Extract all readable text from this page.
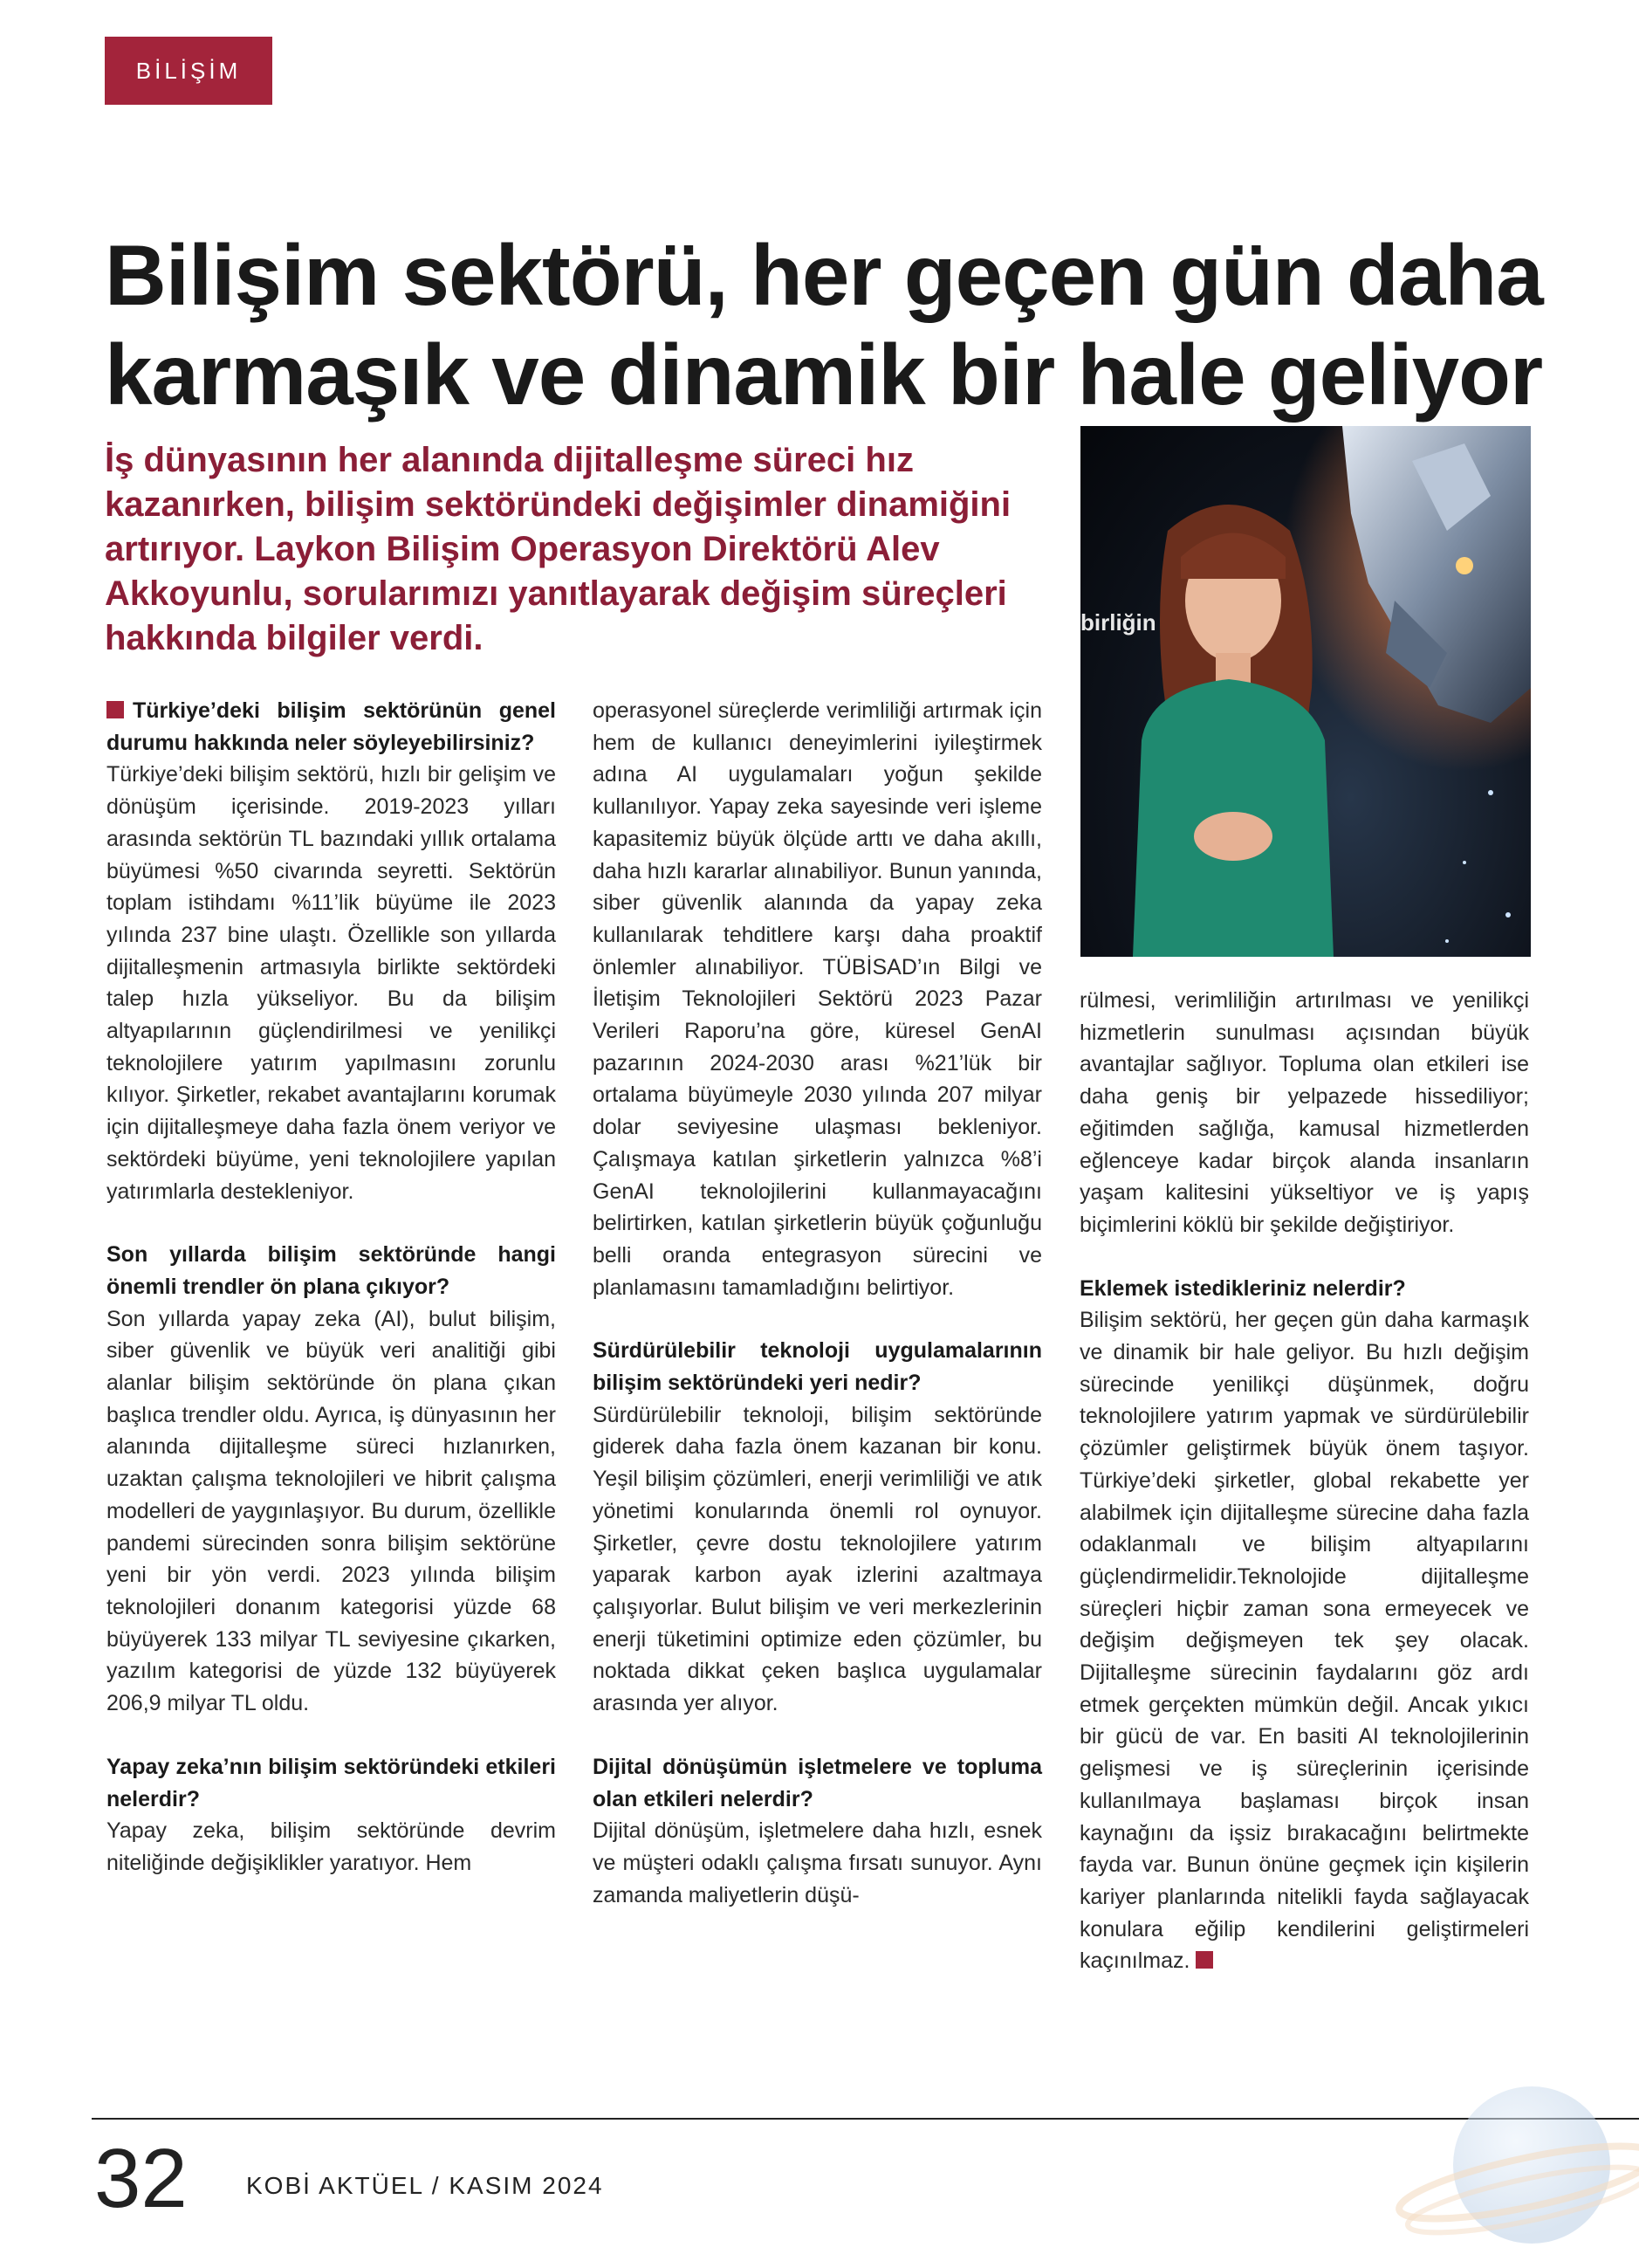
BİLİŞİM
Bilişim sektörü, her geçen gün daha karmaşık ve dinamik bir hale geliyor

İş dünyasının her alanında dijitalleşme süreci hız kazanırken, bilişim sektöründeki değişimler dinamiğini artırıyor. Laykon Bilişim Operasyon Direktörü Alev Akkoyunlu, sorularımızı yanıtlayarak değişim süreçleri hakkında bilgiler verdi.	birliğin

Türkiye’deki bilişim sektörünün genel durumu hakkında neler söyleyebilirsiniz?

Türkiye’deki bilişim sektörü, hızlı bir gelişim ve dönüşüm içerisinde. 2019-2023 yılları arasında sektörün TL bazındaki yıllık ortalama büyümesi %50 civarında seyretti. Sektörün toplam istihdamı %11’lik büyüme ile 2023 yılında 237 bine ulaştı. Özellikle son yıllarda dijitalleşmenin artmasıyla birlikte sektördeki talep hızla yükseliyor. Bu da bilişim altyapılarının güçlendirilmesi ve yenilikçi teknolojilere yatırım yapılmasını zorunlu kılıyor. Şirketler, rekabet avantajlarını korumak için dijitalleşmeye daha fazla önem veriyor ve sektördeki büyüme, yeni teknolojilere yapılan yatırımlarla destekleniyor.

Son yıllarda bilişim sektöründe hangi önemli trendler ön plana çıkıyor?

Son yıllarda yapay zeka (AI), bulut bilişim, siber güvenlik ve büyük veri analitiği gibi alanlar bilişim sektöründe ön plana çıkan başlıca trendler oldu. Ayrıca, iş dünyasının her alanında dijitalleşme süreci hızlanırken, uzaktan çalışma teknolojileri ve hibrit çalışma modelleri de yaygınlaşıyor. Bu durum, özellikle pandemi sürecinden sonra bilişim sektörüne yeni bir yön verdi. 2023 yılında bilişim teknolojileri donanım kategorisi yüzde 68 büyüyerek 133 milyar TL seviyesine çıkarken, yazılım kategorisi de yüzde 132 büyüyerek 206,9 milyar TL oldu.

Yapay zeka’nın bilişim sektöründeki etkileri nelerdir?

Yapay zeka, bilişim sektöründe devrim niteliğinde değişiklikler yaratıyor. Hem

operasyonel süreçlerde verimliliği artırmak için hem de kullanıcı deneyimlerini iyileştirmek adına AI uygulamaları yoğun şekilde kullanılıyor. Yapay zeka sayesinde veri işleme kapasitemiz büyük ölçüde arttı ve daha akıllı, daha hızlı kararlar alınabiliyor. Bunun yanında, siber güvenlik alanında da yapay zeka kullanılarak tehditlere karşı daha proaktif önlemler alınabiliyor. TÜBİSAD’ın Bilgi ve İletişim Teknolojileri Sektörü 2023 Pazar Verileri Raporu’na göre, küresel GenAI pazarının 2024-2030 arası %21’lük bir ortalama büyümeyle 2030 yılında 207 milyar dolar seviyesine ulaşması bekleniyor. Çalışmaya katılan şirketlerin yalnızca %8’i GenAI teknolojilerini kullanmayacağını belirtirken, katılan şirketlerin büyük çoğunluğu belli oranda entegrasyon sürecini ve planlamasını tamamladığını belirtiyor.

Sürdürülebilir teknoloji uygulamalarının bilişim sektöründeki yeri nedir?

Sürdürülebilir teknoloji, bilişim sektöründe giderek daha fazla önem kazanan bir konu. Yeşil bilişim çözümleri, enerji verimliliği ve atık yönetimi konularında önemli rol oynuyor. Şirketler, çevre dostu teknolojilere yatırım yaparak karbon ayak izlerini azaltmaya çalışıyorlar. Bulut bilişim ve veri merkezlerinin enerji tüketimini optimize eden çözümler, bu noktada dikkat çeken başlıca uygulamalar arasında yer alıyor.

Dijital dönüşümün işletmelere ve topluma olan etkileri nelerdir?

Dijital dönüşüm, işletmelere daha hızlı, esnek ve müşteri odaklı çalışma fırsatı sunuyor. Aynı zamanda maliyetlerin düşü-

rülmesi, verimliliğin artırılması ve yenilikçi hizmetlerin sunulması açısından büyük avantajlar sağlıyor. Topluma olan etkileri ise daha geniş bir yelpazede hissediliyor; eğitimden sağlığa, kamusal hizmetlerden eğlenceye kadar birçok alanda insanların yaşam kalitesini yükseltiyor ve iş yapış biçimlerini köklü bir şekilde değiştiriyor.

Eklemek istedikleriniz nelerdir?

Bilişim sektörü, her geçen gün daha karmaşık ve dinamik bir hale geliyor. Bu hızlı değişim sürecinde yenilikçi düşünmek, doğru teknolojilere yatırım yapmak ve sürdürülebilir çözümler geliştirmek büyük önem taşıyor. Türkiye’deki şirketler, global rekabette yer alabilmek için dijitalleşme sürecine daha fazla odaklanmalı ve bilişim altyapılarını güçlendirmelidir.Teknolojide dijitalleşme süreçleri hiçbir zaman sona ermeyecek ve değişim değişmeyen tek şey olacak. Dijitalleşme sürecinin faydalarını göz ardı etmek gerçekten mümkün değil. Ancak yıkıcı bir gücü de var. En basiti AI teknolojilerinin gelişmesi ve iş süreçlerinin içerisinde kullanılmaya başlaması birçok insan kaynağını da işsiz bırakacağını belirtmekte fayda var. Bunun önüne geçmek için kişilerin kariyer planlarında nitelikli fayda sağlayacak konulara eğilip kendilerini geliştirmeleri kaçınılmaz.

32 KOBİ AKTÜEL / KASIM 2024
